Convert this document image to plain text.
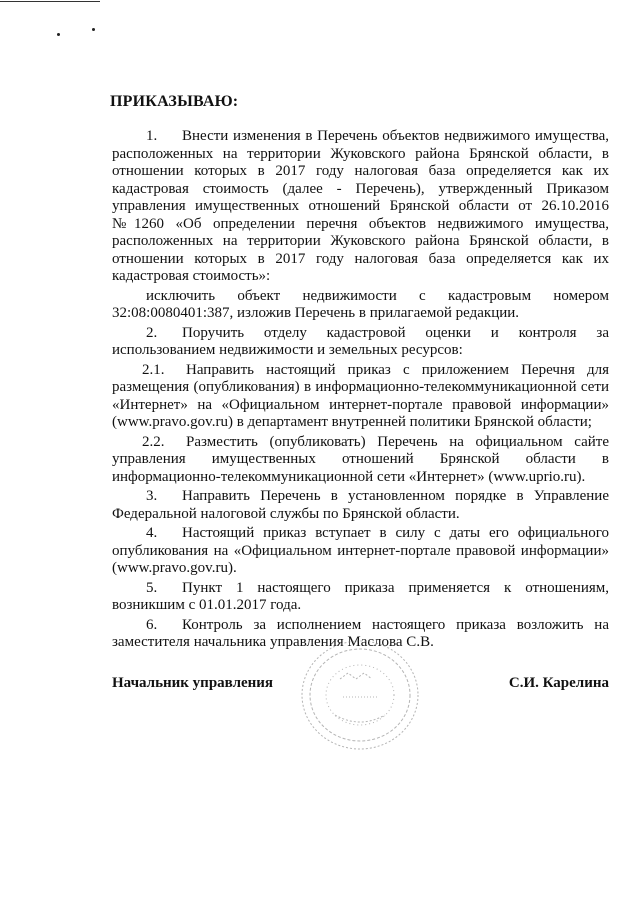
ПРИКАЗЫВАЮ:

1. Внести изменения в Перечень объектов недвижимого имущества, расположенных на территории Жуковского района Брянской области, в отношении которых в 2017 году налоговая база определяется как их кадастровая стоимость (далее - Перечень), утвержденный Приказом управления имущественных отношений Брянской области от 26.10.2016 №1260 «Об определении перечня объектов недвижимого имущества, расположенных на территории Жуковского района Брянской области, в отношении которых в 2017 году налоговая база определяется как их кадастровая стоимость»:

исключить объект недвижимости с кадастровым номером 32:08:0080401:387, изложив Перечень в прилагаемой редакции.

2. Поручить отделу кадастровой оценки и контроля за использованием недвижимости и земельных ресурсов:

2.1. Направить настоящий приказ с приложением Перечня для размещения (опубликования) в информационно-телекоммуникационной сети «Интернет» на «Официальном интернет-портале правовой информации» (www.pravo.gov.ru) в департамент внутренней политики Брянской области;

2.2. Разместить (опубликовать) Перечень на официальном сайте управления имущественных отношений Брянской области в информационно-телекоммуникационной сети «Интернет» (www.uprio.ru).

3. Направить Перечень в установленном порядке в Управление Федеральной налоговой службы по Брянской области.

4. Настоящий приказ вступает в силу с даты его официального опубликования на «Официальном интернет-портале правовой информации» (www.pravo.gov.ru).

5. Пункт 1 настоящего приказа применяется к отношениям, возникшим с 01.01.2017 года.

6. Контроль за исполнением настоящего приказа возложить на заместителя начальника управления Маслова С.В.

Начальник управления	С.И. Карелина
